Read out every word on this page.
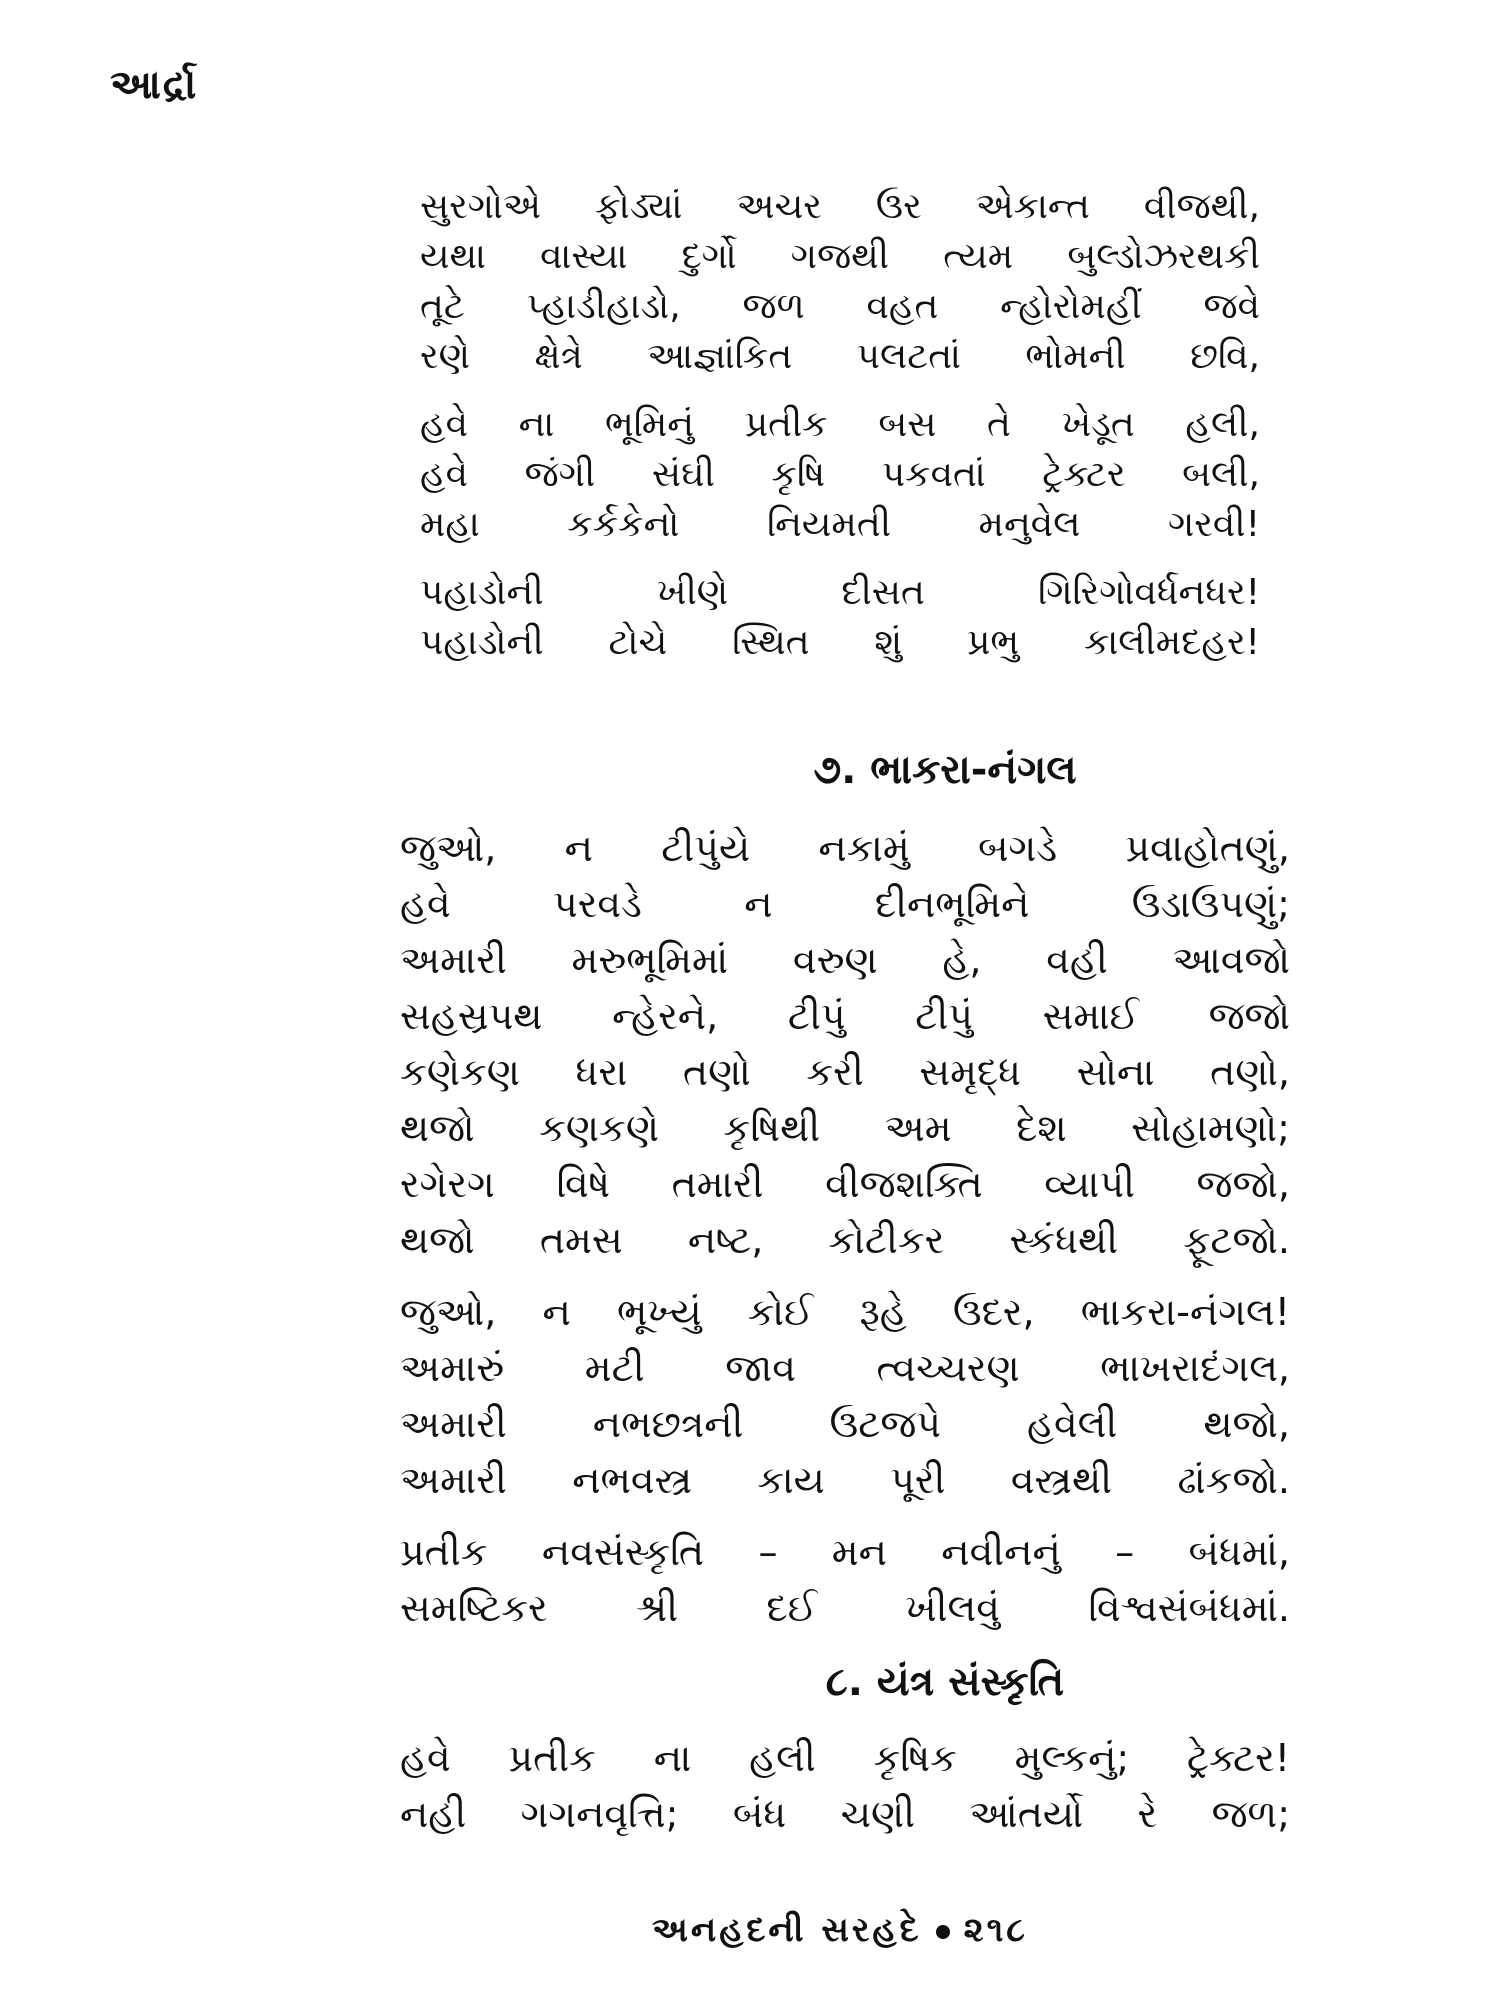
આર્દ્રા
સુરગોએ ફોડ્યાં અચર ઉર એકાન્ત વીજથી,
યથા વાસ્યા દુર્ગો ગજથી ત્યમ બુલ્ડોઝરથકી
તૂટે પ્હાડીહાડો, જળ વહત ન્હોરોમહીં જવે
રણે ક્ષેત્રે આજ્ઞાંકિત પલટતાં ભોમની છવિ,
હવે ના ભૂમિનું પ્રતીક બસ તે ખેડૂત હલી,
હવે જંગી સંઘી કૃષિ પકવતાં ટ્રેક્ટર બલી,
મહા કર્કકેનો નિયમતી મનુવેલ ગરવી!
પહાડોની ખીણે દીસત ગિરિગોવર્ધનધર!
પહાડોની ટોચે સ્થિત શું પ્રભુ કાલીમદહર!
૭. ભાકરા-નંગલ
જુઓ, ન ટીપુંયે નકામું બગડે પ્રવાહોતણું,
હવે પરવડે ન દીનભૂમિને ઉડાઉપણું;
અમારી મરુભૂમિમાં વરુણ હે, વહી આવજો
સહસ્રપથ ન્હેરને, ટીપું ટીપું સમાઈ જજો
કણેકણ ધરા તણો કરી સમૃદ્ધ સોના તણો,
થજો કણકણે કૃષિથી અમ દેશ સોહામણો;
રગેરગ વિષે તમારી વીજશક્તિ વ્યાપી જજો,
થજો તમસ નષ્ટ, કોટીકર સ્કંધથી ફૂટજો.
જુઓ, ન ભૂખ્યું કોઈ રૂહે ઉદર, ભાકરા-નંગલ!
અમારું મટી જાવ ત્વચ્ચરણ ભાખરાદંગલ,
અમારી નભછત્રની ઉટજપે હવેલી થજો,
અમારી નભવસ્ત્ર કાય પૂરી વસ્ત્રથી ઢાંકજો.
પ્રતીક નવસંસ્કૃતિ – મન નવીનનું – બંધમાં,
સમષ્ટિકર શ્રી દઈ ખીલવું વિશ્વસંબંધમાં.
૮. યંત્ર સંસ્કૃતિ
હવે પ્રતીક ના હલી કૃષિક મુલ્કનું; ટ્રેક્ટર!
નહી ગગનવૃત્તિ; બંધ ચણી આંતર્યો રે જળ;
અનહદની સરહદે ૨૧૮
